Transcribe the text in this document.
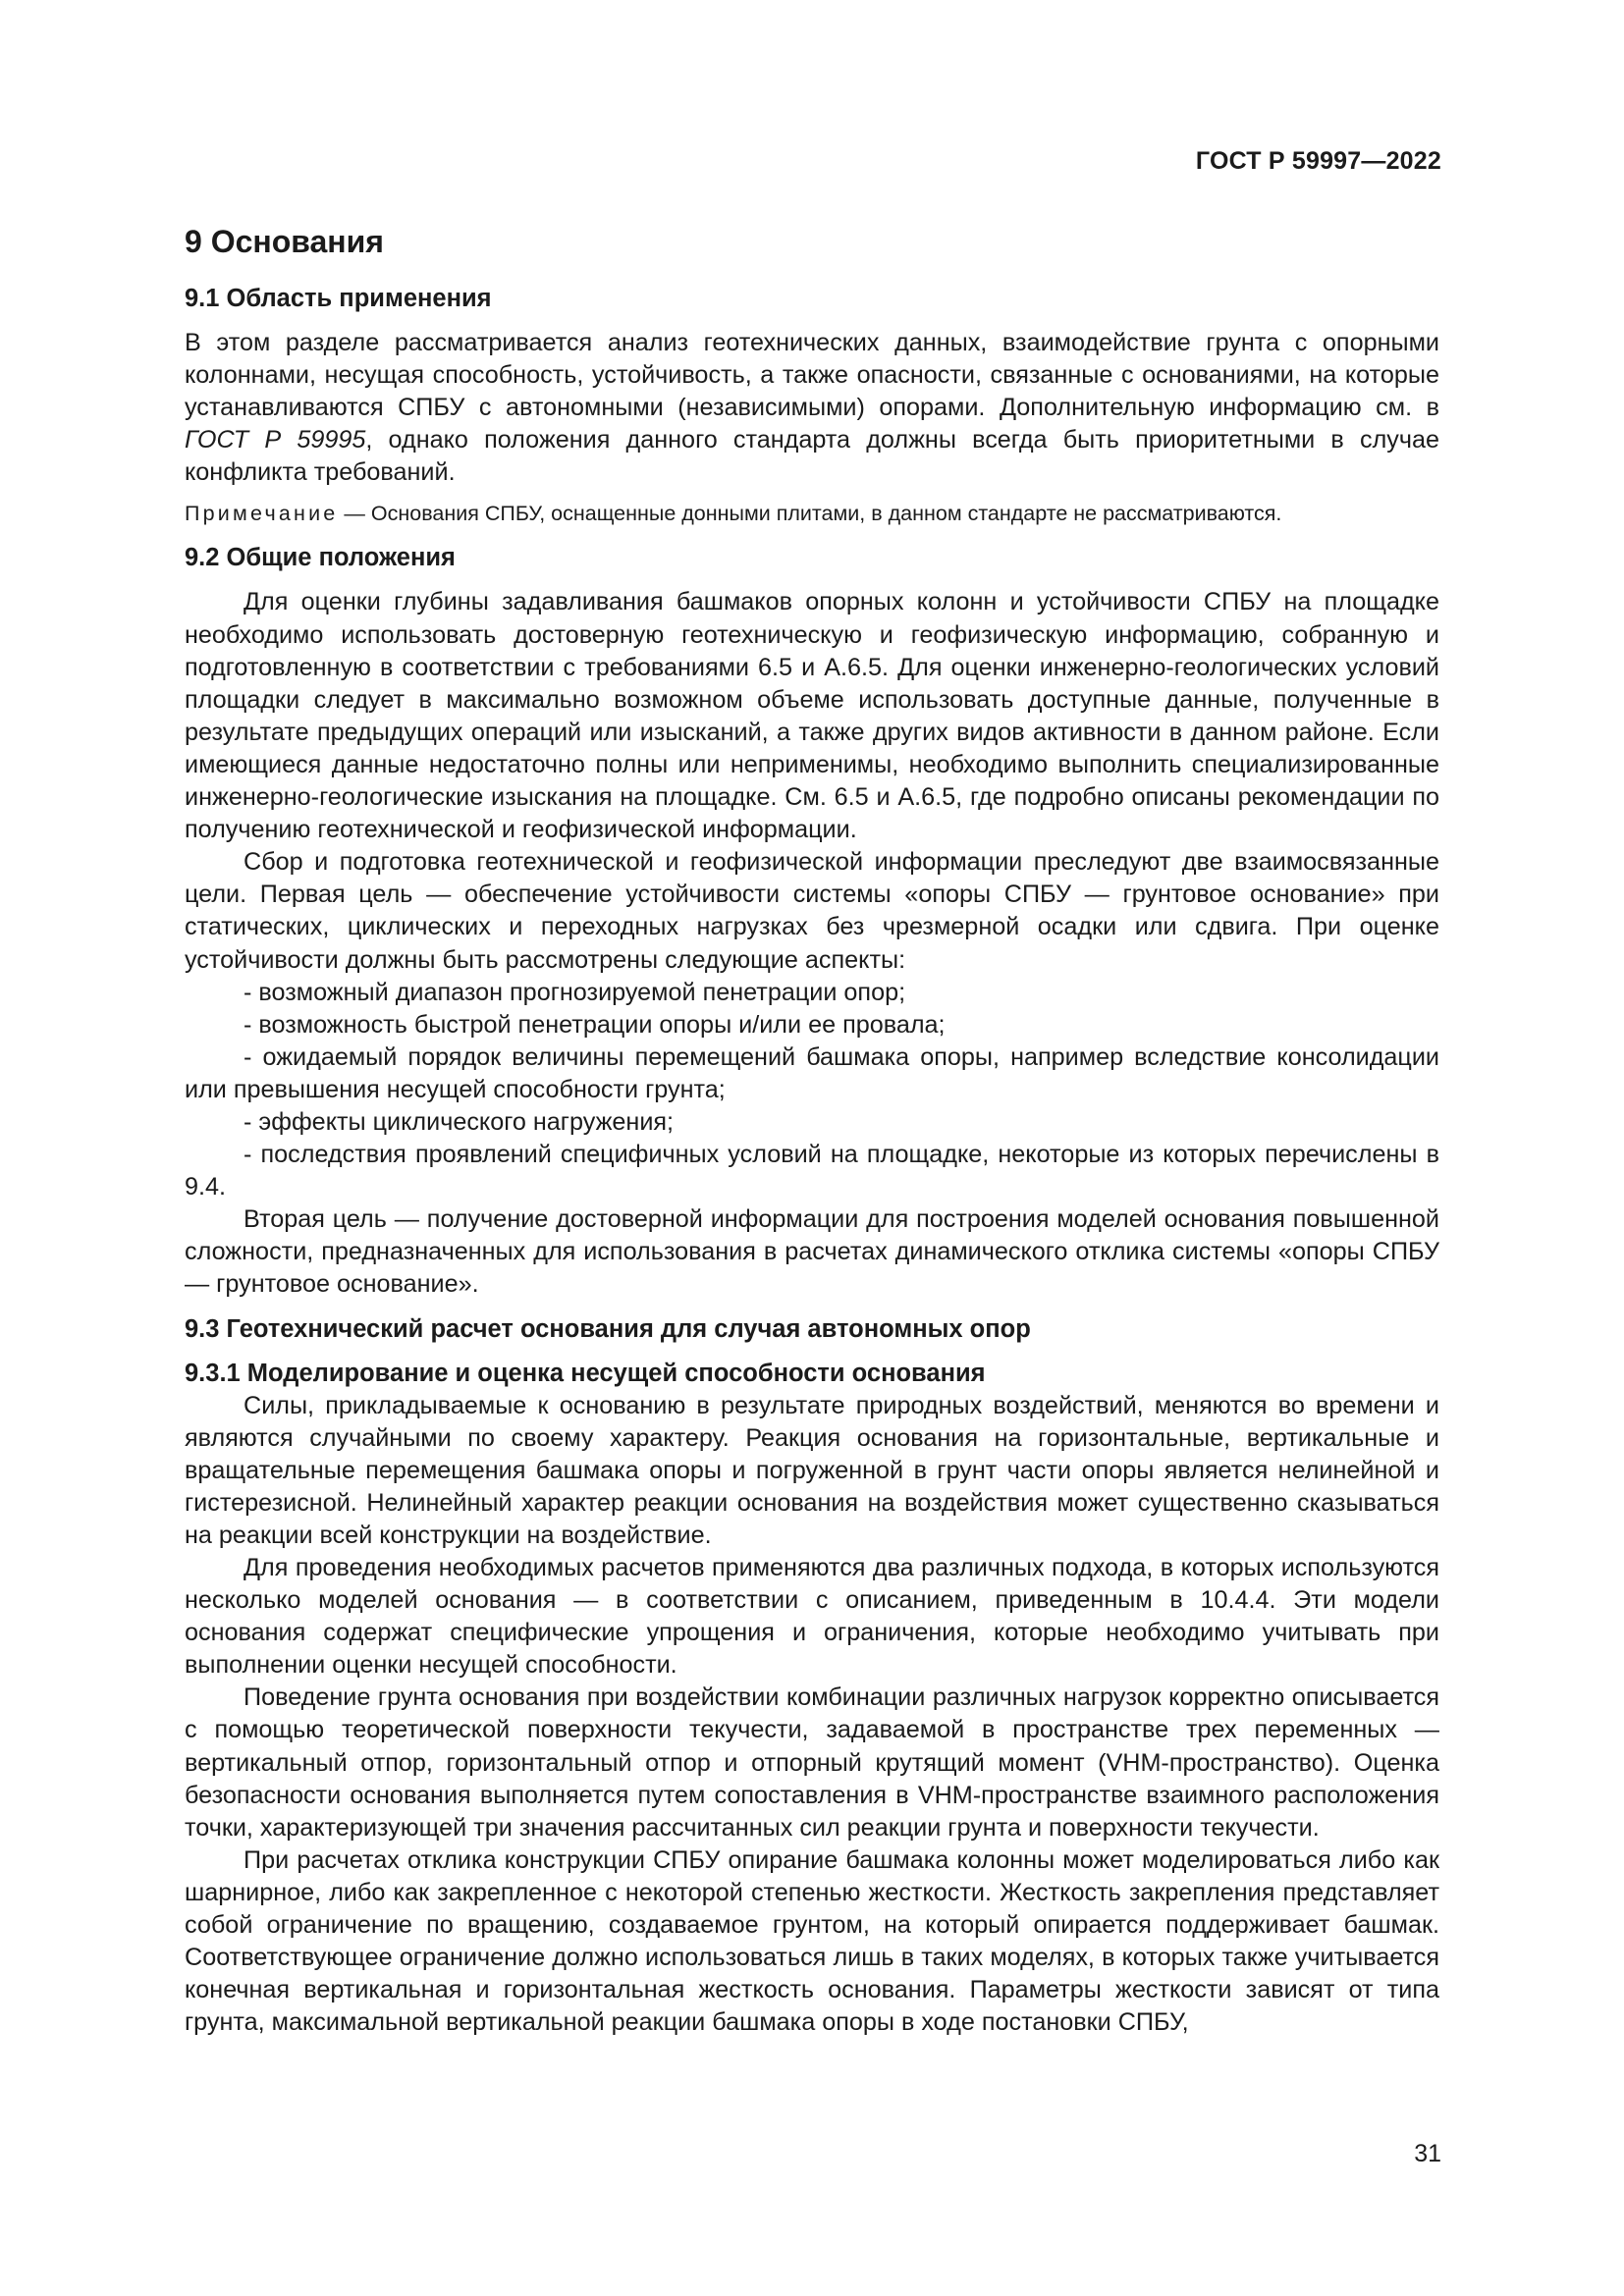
ГОСТ Р 59997—2022
9 Основания
9.1 Область применения

В этом разделе рассматривается анализ геотехнических данных, взаимодействие грунта с опорными колоннами, несущая способность, устойчивость, а также опасности, связанные с основаниями, на которые устанавливаются СПБУ с автономными (независимыми) опорами. Дополнительную информацию см. в ГОСТ Р 59995, однако положения данного стандарта должны всегда быть приоритетными в случае конфликта требований.

Примечание — Основания СПБУ, оснащенные донными плитами, в данном стандарте не рассматриваются.
9.2 Общие положения

Для оценки глубины задавливания башмаков опорных колонн и устойчивости СПБУ на площадке необходимо использовать достоверную геотехническую и геофизическую информацию, собранную и подготовленную в соответствии с требованиями 6.5 и А.6.5. Для оценки инженерно-геологических условий площадки следует в максимально возможном объеме использовать доступные данные, полученные в результате предыдущих операций или изысканий, а также других видов активности в данном районе. Если имеющиеся данные недостаточно полны или неприменимы, необходимо выполнить специализированные инженерно-геологические изыскания на площадке. См. 6.5 и А.6.5, где подробно описаны рекомендации по получению геотехнической и геофизической информации.

Сбор и подготовка геотехнической и геофизической информации преследуют две взаимосвязанные цели. Первая цель — обеспечение устойчивости системы «опоры СПБУ — грунтовое основание» при статических, циклических и переходных нагрузках без чрезмерной осадки или сдвига. При оценке устойчивости должны быть рассмотрены следующие аспекты:

- возможный диапазон прогнозируемой пенетрации опор;

- возможность быстрой пенетрации опоры и/или ее провала;

- ожидаемый порядок величины перемещений башмака опоры, например вследствие консолидации или превышения несущей способности грунта;

- эффекты циклического нагружения;

- последствия проявлений специфичных условий на площадке, некоторые из которых перечислены в 9.4.

Вторая цель — получение достоверной информации для построения моделей основания повышенной сложности, предназначенных для использования в расчетах динамического отклика системы «опоры СПБУ — грунтовое основание».

9.3 Геотехнический расчет основания для случая автономных опор
9.3.1 Моделирование и оценка несущей способности основания

Силы, прикладываемые к основанию в результате природных воздействий, меняются во времени и являются случайными по своему характеру. Реакция основания на горизонтальные, вертикальные и вращательные перемещения башмака опоры и погруженной в грунт части опоры является нелинейной и гистерезисной. Нелинейный характер реакции основания на воздействия может существенно сказываться на реакции всей конструкции на воздействие.

Для проведения необходимых расчетов применяются два различных подхода, в которых используются несколько моделей основания — в соответствии с описанием, приведенным в 10.4.4. Эти модели основания содержат специфические упрощения и ограничения, которые необходимо учитывать при выполнении оценки несущей способности.

Поведение грунта основания при воздействии комбинации различных нагрузок корректно описывается с помощью теоретической поверхности текучести, задаваемой в пространстве трех переменных — вертикальный отпор, горизонтальный отпор и отпорный крутящий момент (VHM-пространство). Оценка безопасности основания выполняется путем сопоставления в VHM-пространстве взаимного расположения точки, характеризующей три значения рассчитанных сил реакции грунта и поверхности текучести.

При расчетах отклика конструкции СПБУ опирание башмака колонны может моделироваться либо как шарнирное, либо как закрепленное с некоторой степенью жесткости. Жесткость закрепления представляет собой ограничение по вращению, создаваемое грунтом, на который опирается поддерживает башмак. Соответствующее ограничение должно использоваться лишь в таких моделях, в которых также учитывается конечная вертикальная и горизонтальная жесткость основания. Параметры жесткости зависят от типа грунта, максимальной вертикальной реакции башмака опоры в ходе постановки СПБУ,

31
